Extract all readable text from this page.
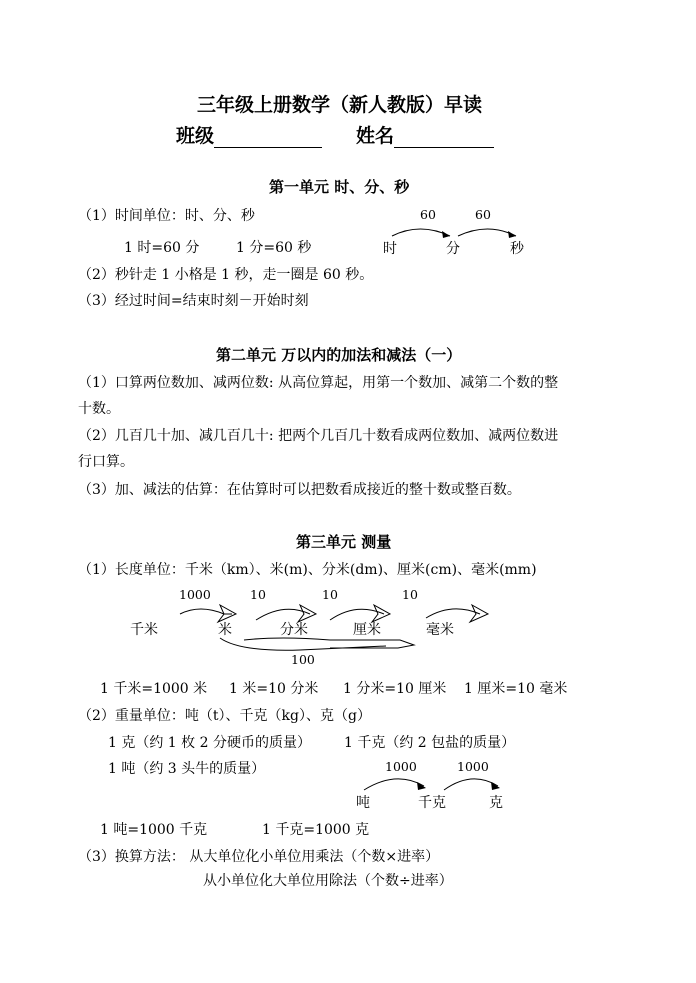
三年级上册数学（新人教版）早读
班级	姓名
第一单元 时、分、秒
（1）时间单位：时、分、秒
1 时=60 分	1 分=60 秒
60	60
时	分	秒
（2）秒针走 1 小格是 1 秒，走一圈是 60 秒。
（3）经过时间=结束时刻－开始时刻
第二单元 万以内的加法和减法（一）
（1）口算两位数加、减两位数: 从高位算起，用第一个数加、减第二个数的整
十数。
（2）几百几十加、减几百几十: 把两个几百几十数看成两位数加、减两位数进
行口算。
（3）加、减法的估算：在估算时可以把数看成接近的整十数或整百数。
第三单元 测量
（1）长度单位：千米（km）、米(m)、分米(dm)、厘米(cm)、毫米(mm)
1000	10	10	10
千米	米	分米	厘米	毫米
100
1 千米=1000 米 1 米=10 分米 1 分米=10 厘米 1 厘米=10 毫米
（2）重量单位：吨（t）、千克（kg）、克（g）
1 克（约 1 枚 2 分硬币的质量） 1 千克（约 2 包盐的质量）
1 吨（约 3 头牛的质量）	1000	1000
吨	千克	克
1 吨=1000 千克	1 千克=1000 克
（3）换算方法： 从大单位化小单位用乘法（个数×进率）
从小单位化大单位用除法（个数÷进率）
